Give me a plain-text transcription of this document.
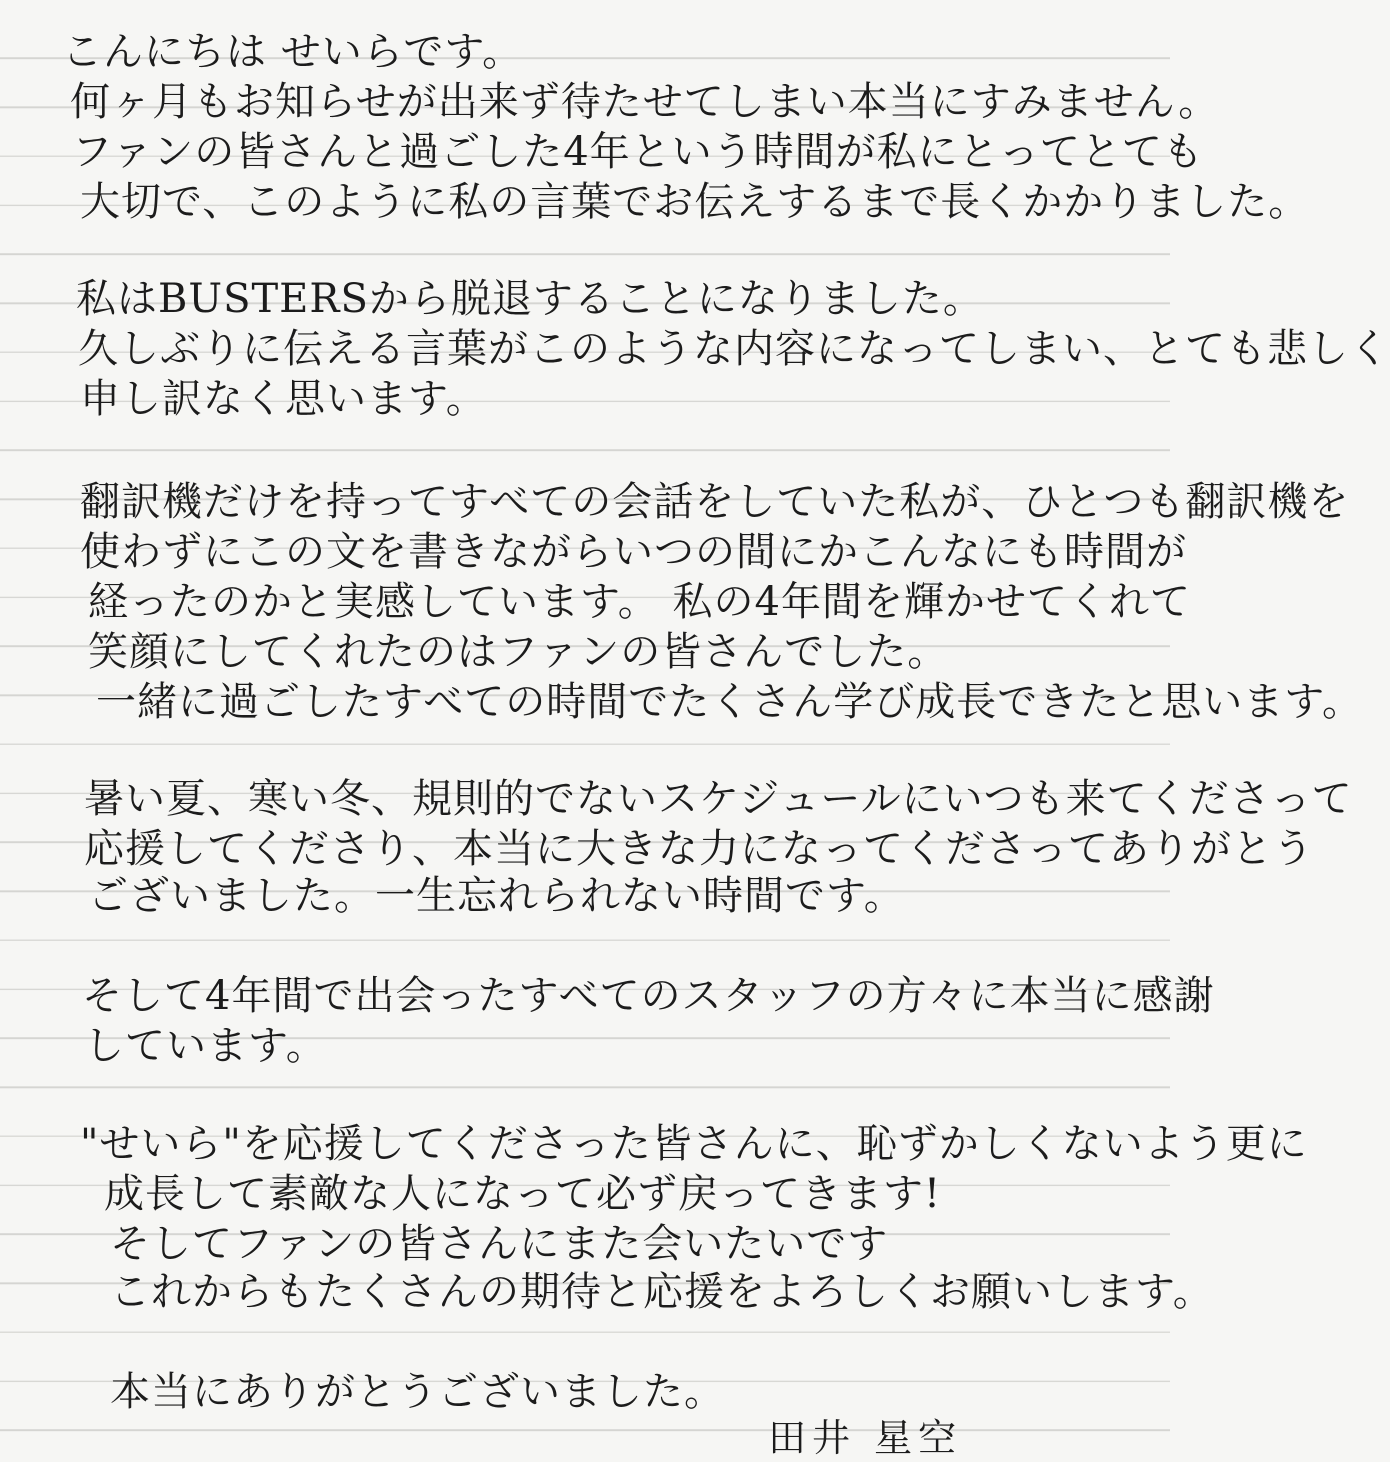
こんにちは せいらです。
何ヶ月もお知らせが出来ず待たせてしまい本当にすみません。
ファンの皆さんと過ごした4年という時間が私にとってとても
大切で、このように私の言葉でお伝えするまで長くかかりました。
私はBUSTERSから脱退することになりました。
久しぶりに伝える言葉がこのような内容になってしまい、とても悲しく
申し訳なく思います。
翻訳機だけを持ってすべての会話をしていた私が、ひとつも翻訳機を
使わずにこの文を書きながらいつの間にかこんなにも時間が
経ったのかと実感しています。 私の4年間を輝かせてくれて
笑顔にしてくれたのはファンの皆さんでした。
一緒に過ごしたすべての時間でたくさん学び成長できたと思います。
暑い夏、寒い冬、規則的でないスケジュールにいつも来てくださって
応援してくださり、本当に大きな力になってくださってありがとう
ございました。一生忘れられない時間です。
そして4年間で出会ったすべてのスタッフの方々に本当に感謝
しています。
"せいら"を応援してくださった皆さんに、恥ずかしくないよう更に
成長して素敵な人になって必ず戻ってきます!
そしてファンの皆さんにまた会いたいです
これからもたくさんの期待と応援をよろしくお願いします。
本当にありがとうございました。
田井 星空
